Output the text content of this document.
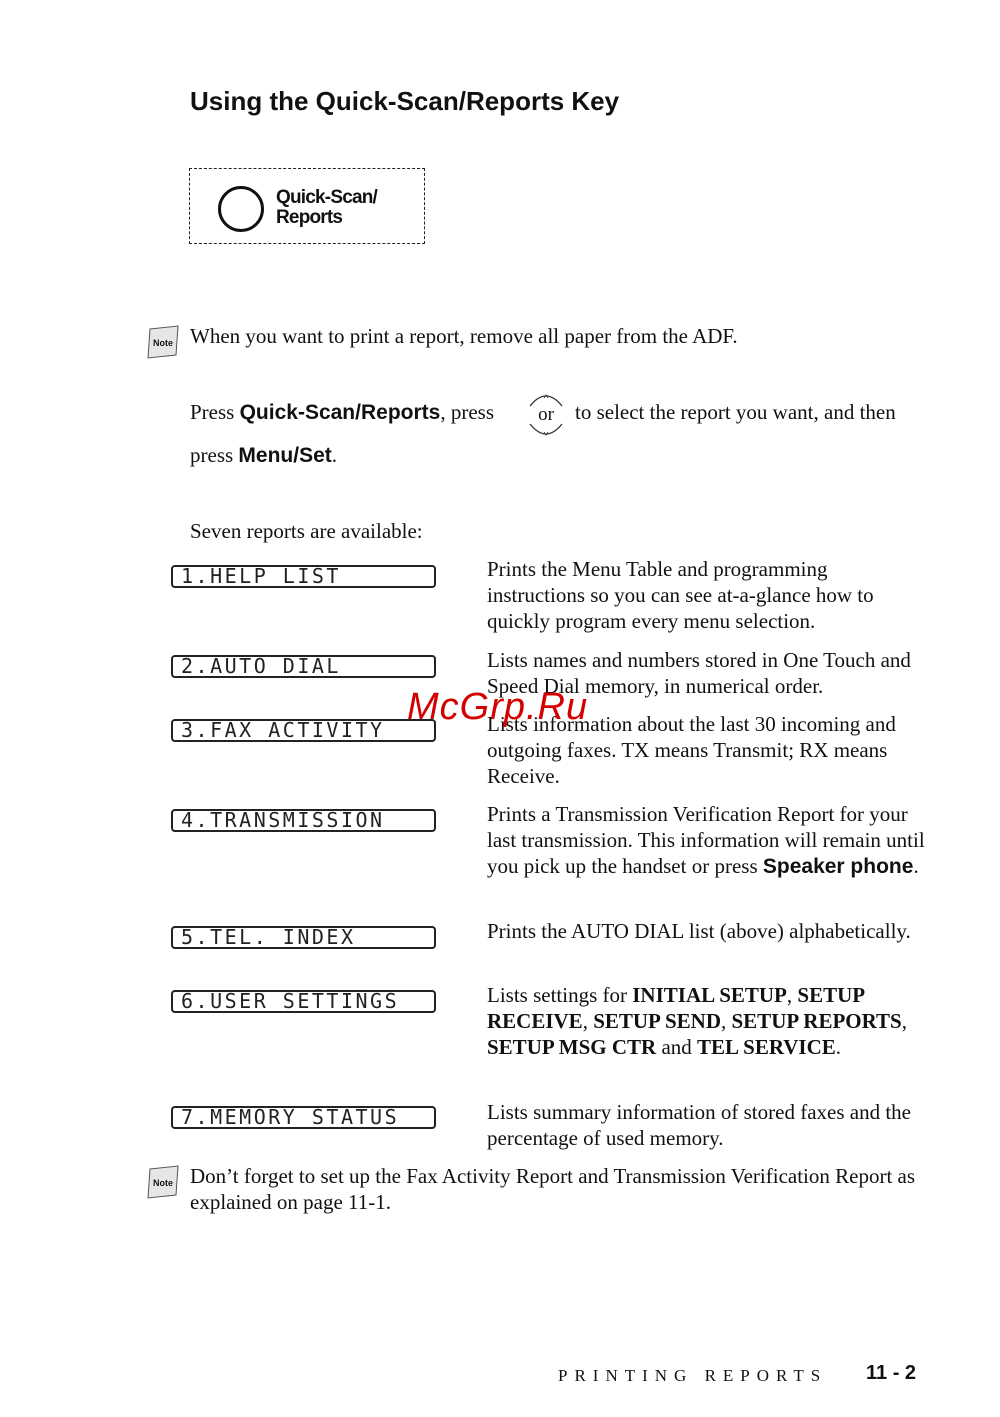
Using the Quick-Scan/Reports Key
Quick-Scan/
Reports
Note When you want to print a report, remove all paper from the ADF.
Press Quick-Scan/Reports, press or to select the report you want, and then
press Menu/Set.
Seven reports are available:
1.HELP LIST	Prints the Menu Table and programming instructions so you can see at-a-glance how to quickly program every menu selection.
2.AUTO DIAL	Lists names and numbers stored in One Touch and Speed Dial memory, in numerical order.
3.FAX ACTIVITY	Lists information about the last 30 incoming and outgoing faxes. TX means Transmit; RX means Receive.
4.TRANSMISSION	Prints a Transmission Verification Report for your last transmission. This information will remain until you pick up the handset or press Speaker phone.
5.TEL. INDEX	Prints the AUTO DIAL list (above) alphabetically.
6.USER SETTINGS	Lists settings for INITIAL SETUP, SETUP RECEIVE, SETUP SEND, SETUP REPORTS, SETUP MSG CTR and TEL SERVICE.
7.MEMORY STATUS	Lists summary information of stored faxes and the percentage of used memory.
McGrp.Ru
Note Don’t forget to set up the Fax Activity Report and Transmission Verification Report as explained on page 11-1.
PRINTING REPORTS 11 - 2
